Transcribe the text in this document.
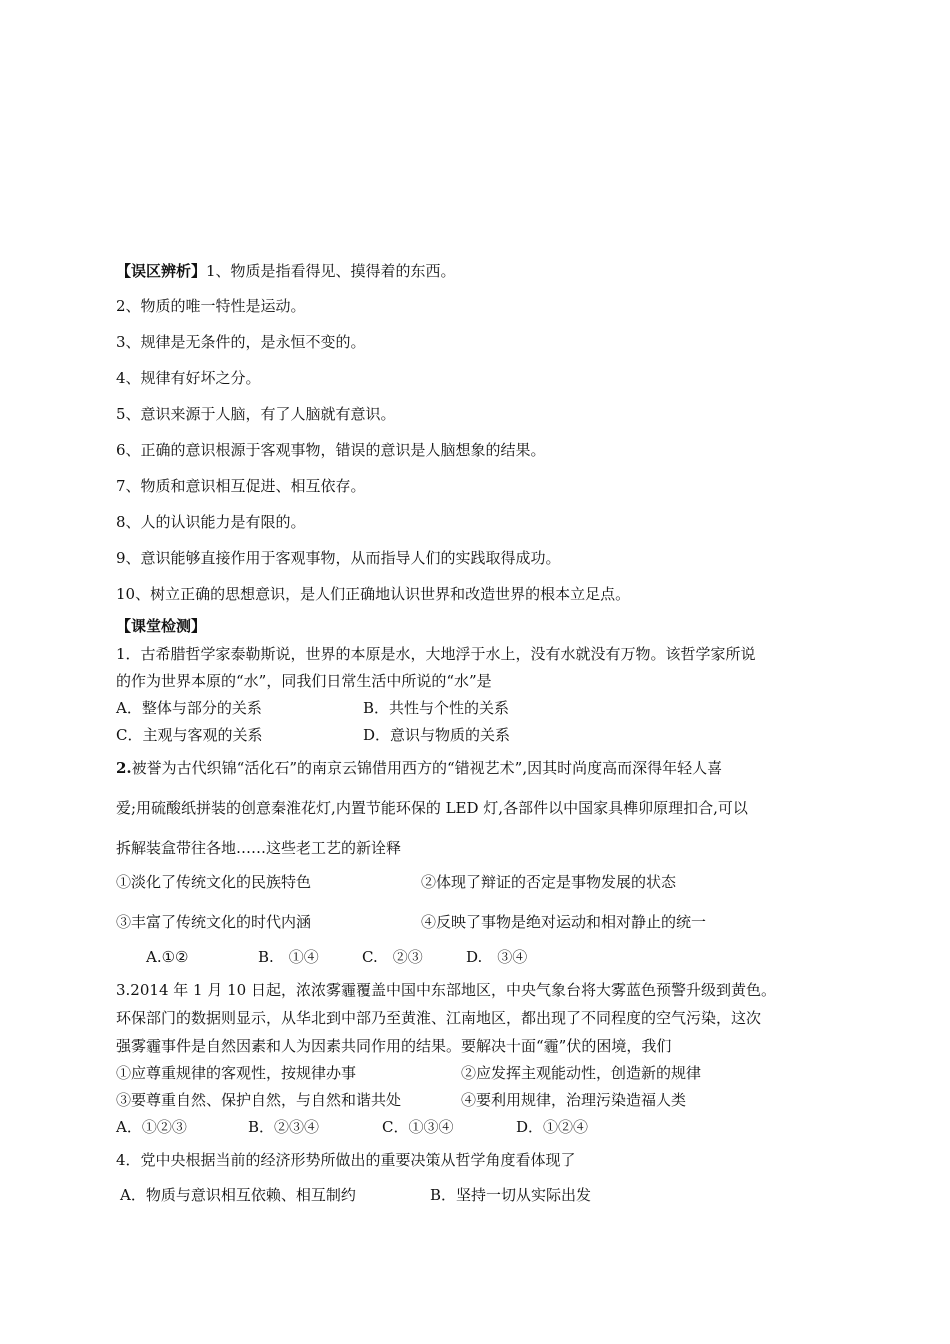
【误区辨析】1、物质是指看得见、摸得着的东西。
2、物质的唯一特性是运动。
3、规律是无条件的，是永恒不变的。
4、规律有好坏之分。
5、意识来源于人脑，有了人脑就有意识。
6、正确的意识根源于客观事物，错误的意识是人脑想象的结果。
7、物质和意识相互促进、相互依存。
8、人的认识能力是有限的。
9、意识能够直接作用于客观事物，从而指导人们的实践取得成功。
10、树立正确的思想意识，是人们正确地认识世界和改造世界的根本立足点。
【课堂检测】
1．古希腊哲学家泰勒斯说，世界的本原是水，大地浮于水上，没有水就没有万物。该哲学家所说
的作为世界本原的“水”，同我们日常生活中所说的“水”是
A．整体与部分的关系	B．共性与个性的关系
C．主观与客观的关系	D．意识与物质的关系
2.被誉为古代织锦“活化石”的南京云锦借用西方的“错视艺术”,因其时尚度高而深得年轻人喜
爱;用硫酸纸拼装的创意秦淮花灯,内置节能环保的 LED 灯,各部件以中国家具榫卯原理扣合,可以
拆解装盒带往各地……这些老工艺的新诠释
①淡化了传统文化的民族特色	②体现了辩证的否定是事物发展的状态
③丰富了传统文化的时代内涵	④反映了事物是绝对运动和相对静止的统一
A.①②	B.　①④	C.　②③	D.　③④
3.2014 年 1 月 10 日起，浓浓雾霾覆盖中国中东部地区，中央气象台将大雾蓝色预警升级到黄色。
环保部门的数据则显示，从华北到中部乃至黄淮、江南地区，都出现了不同程度的空气污染，这次
强雾霾事件是自然因素和人为因素共同作用的结果。要解决十面“霾”伏的困境，我们
①应尊重规律的客观性，按规律办事	②应发挥主观能动性，创造新的规律
③要尊重自然、保护自然，与自然和谐共处	④要利用规律，治理污染造福人类
A．①②③	B．②③④	C．①③④	D．①②④
4．党中央根据当前的经济形势所做出的重要决策从哲学角度看体现了
A．物质与意识相互依赖、相互制约	B．坚持一切从实际出发
